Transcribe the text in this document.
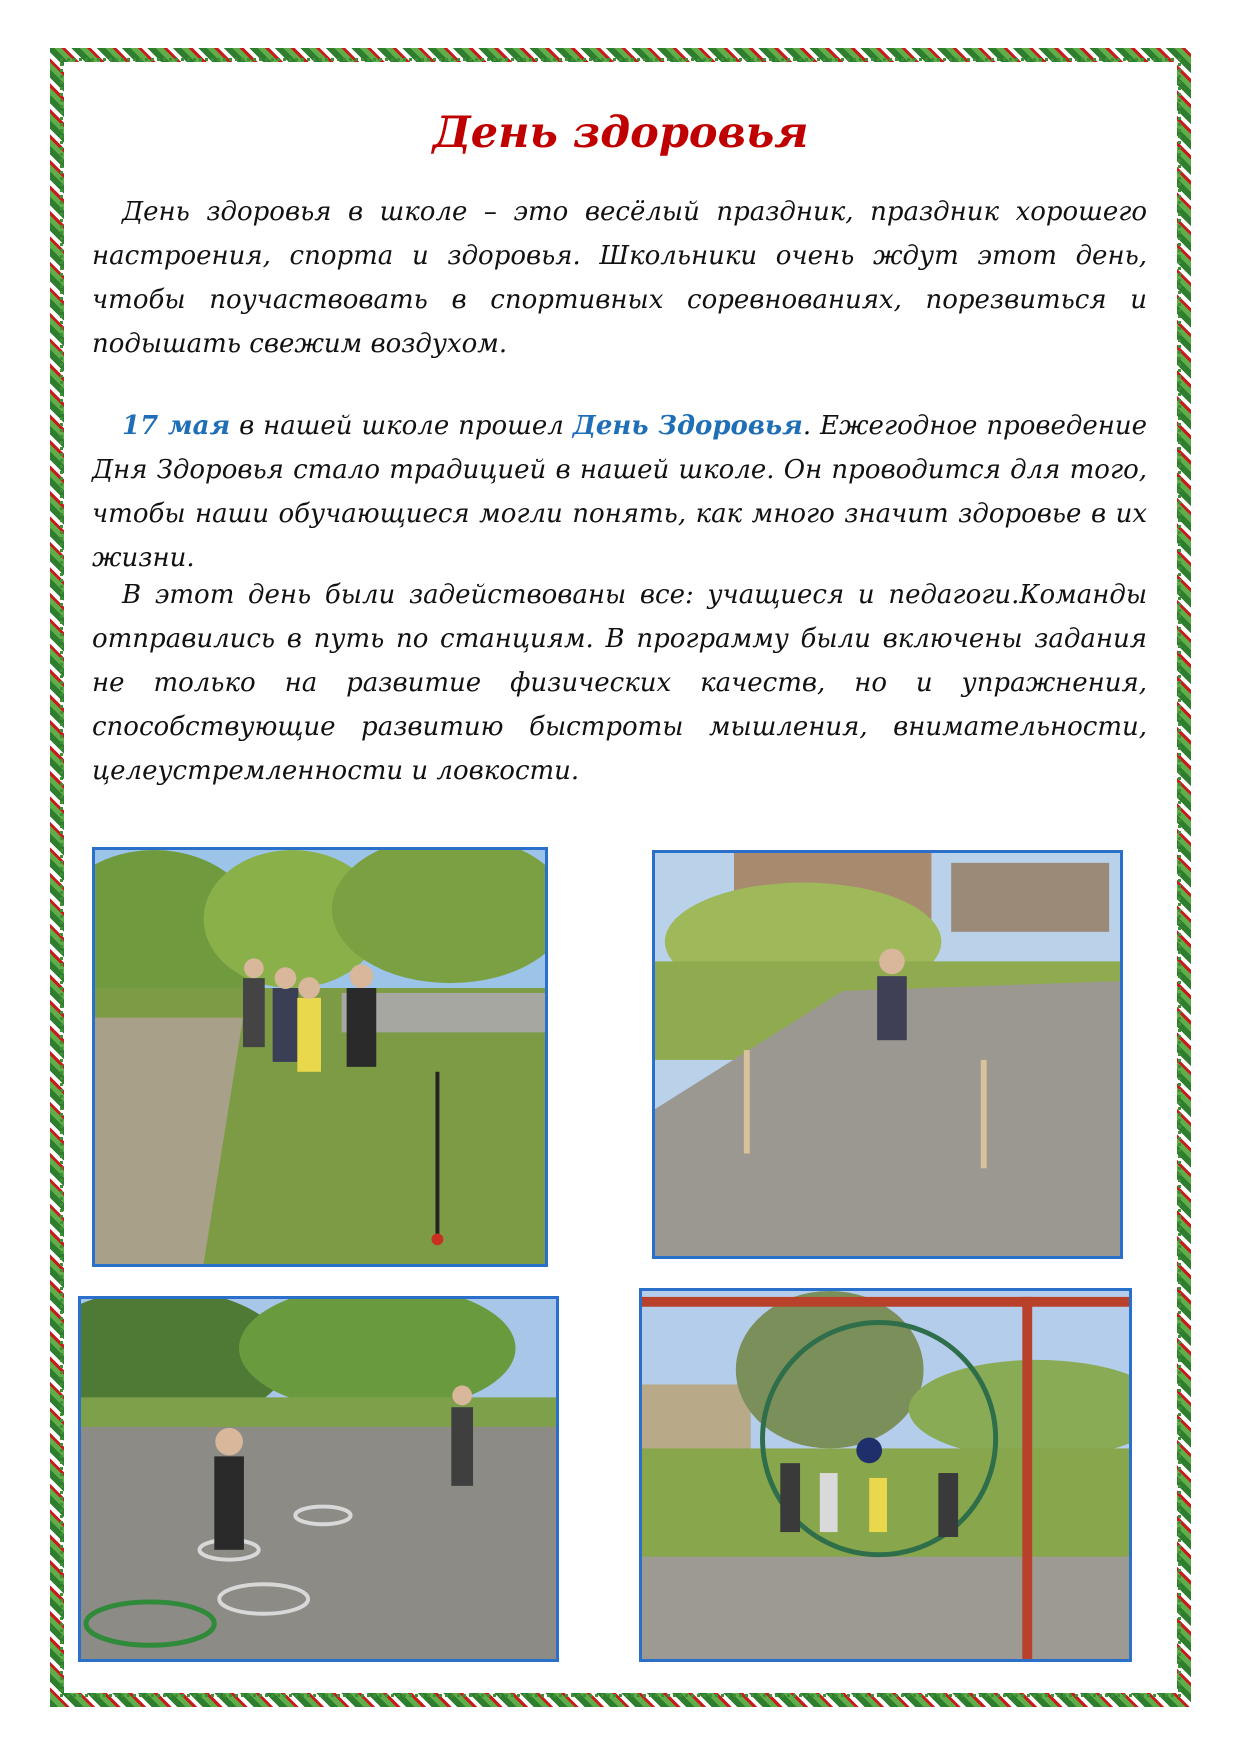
День здоровья

День здоровья в школе – это весёлый праздник, праздник хорошего настроения, спорта и здоровья. Школьники очень ждут этот день, чтобы поучаствовать в спортивных соревнованиях, порезвиться и подышать свежим воздухом.

17 мая в нашей школе прошел День Здоровья. Ежегодное проведение Дня Здоровья стало традицией в нашей школе. Он проводится для того, чтобы наши обучающиеся могли понять, как много значит здоровье в их жизни.

В этот день были задействованы все: учащиеся и педагоги.Команды отправились в путь по станциям. В программу были включены задания не только на развитие физических качеств, но и упражнения, способствующие развитию быстроты мышления, внимательности, целеустремленности и ловкости.
